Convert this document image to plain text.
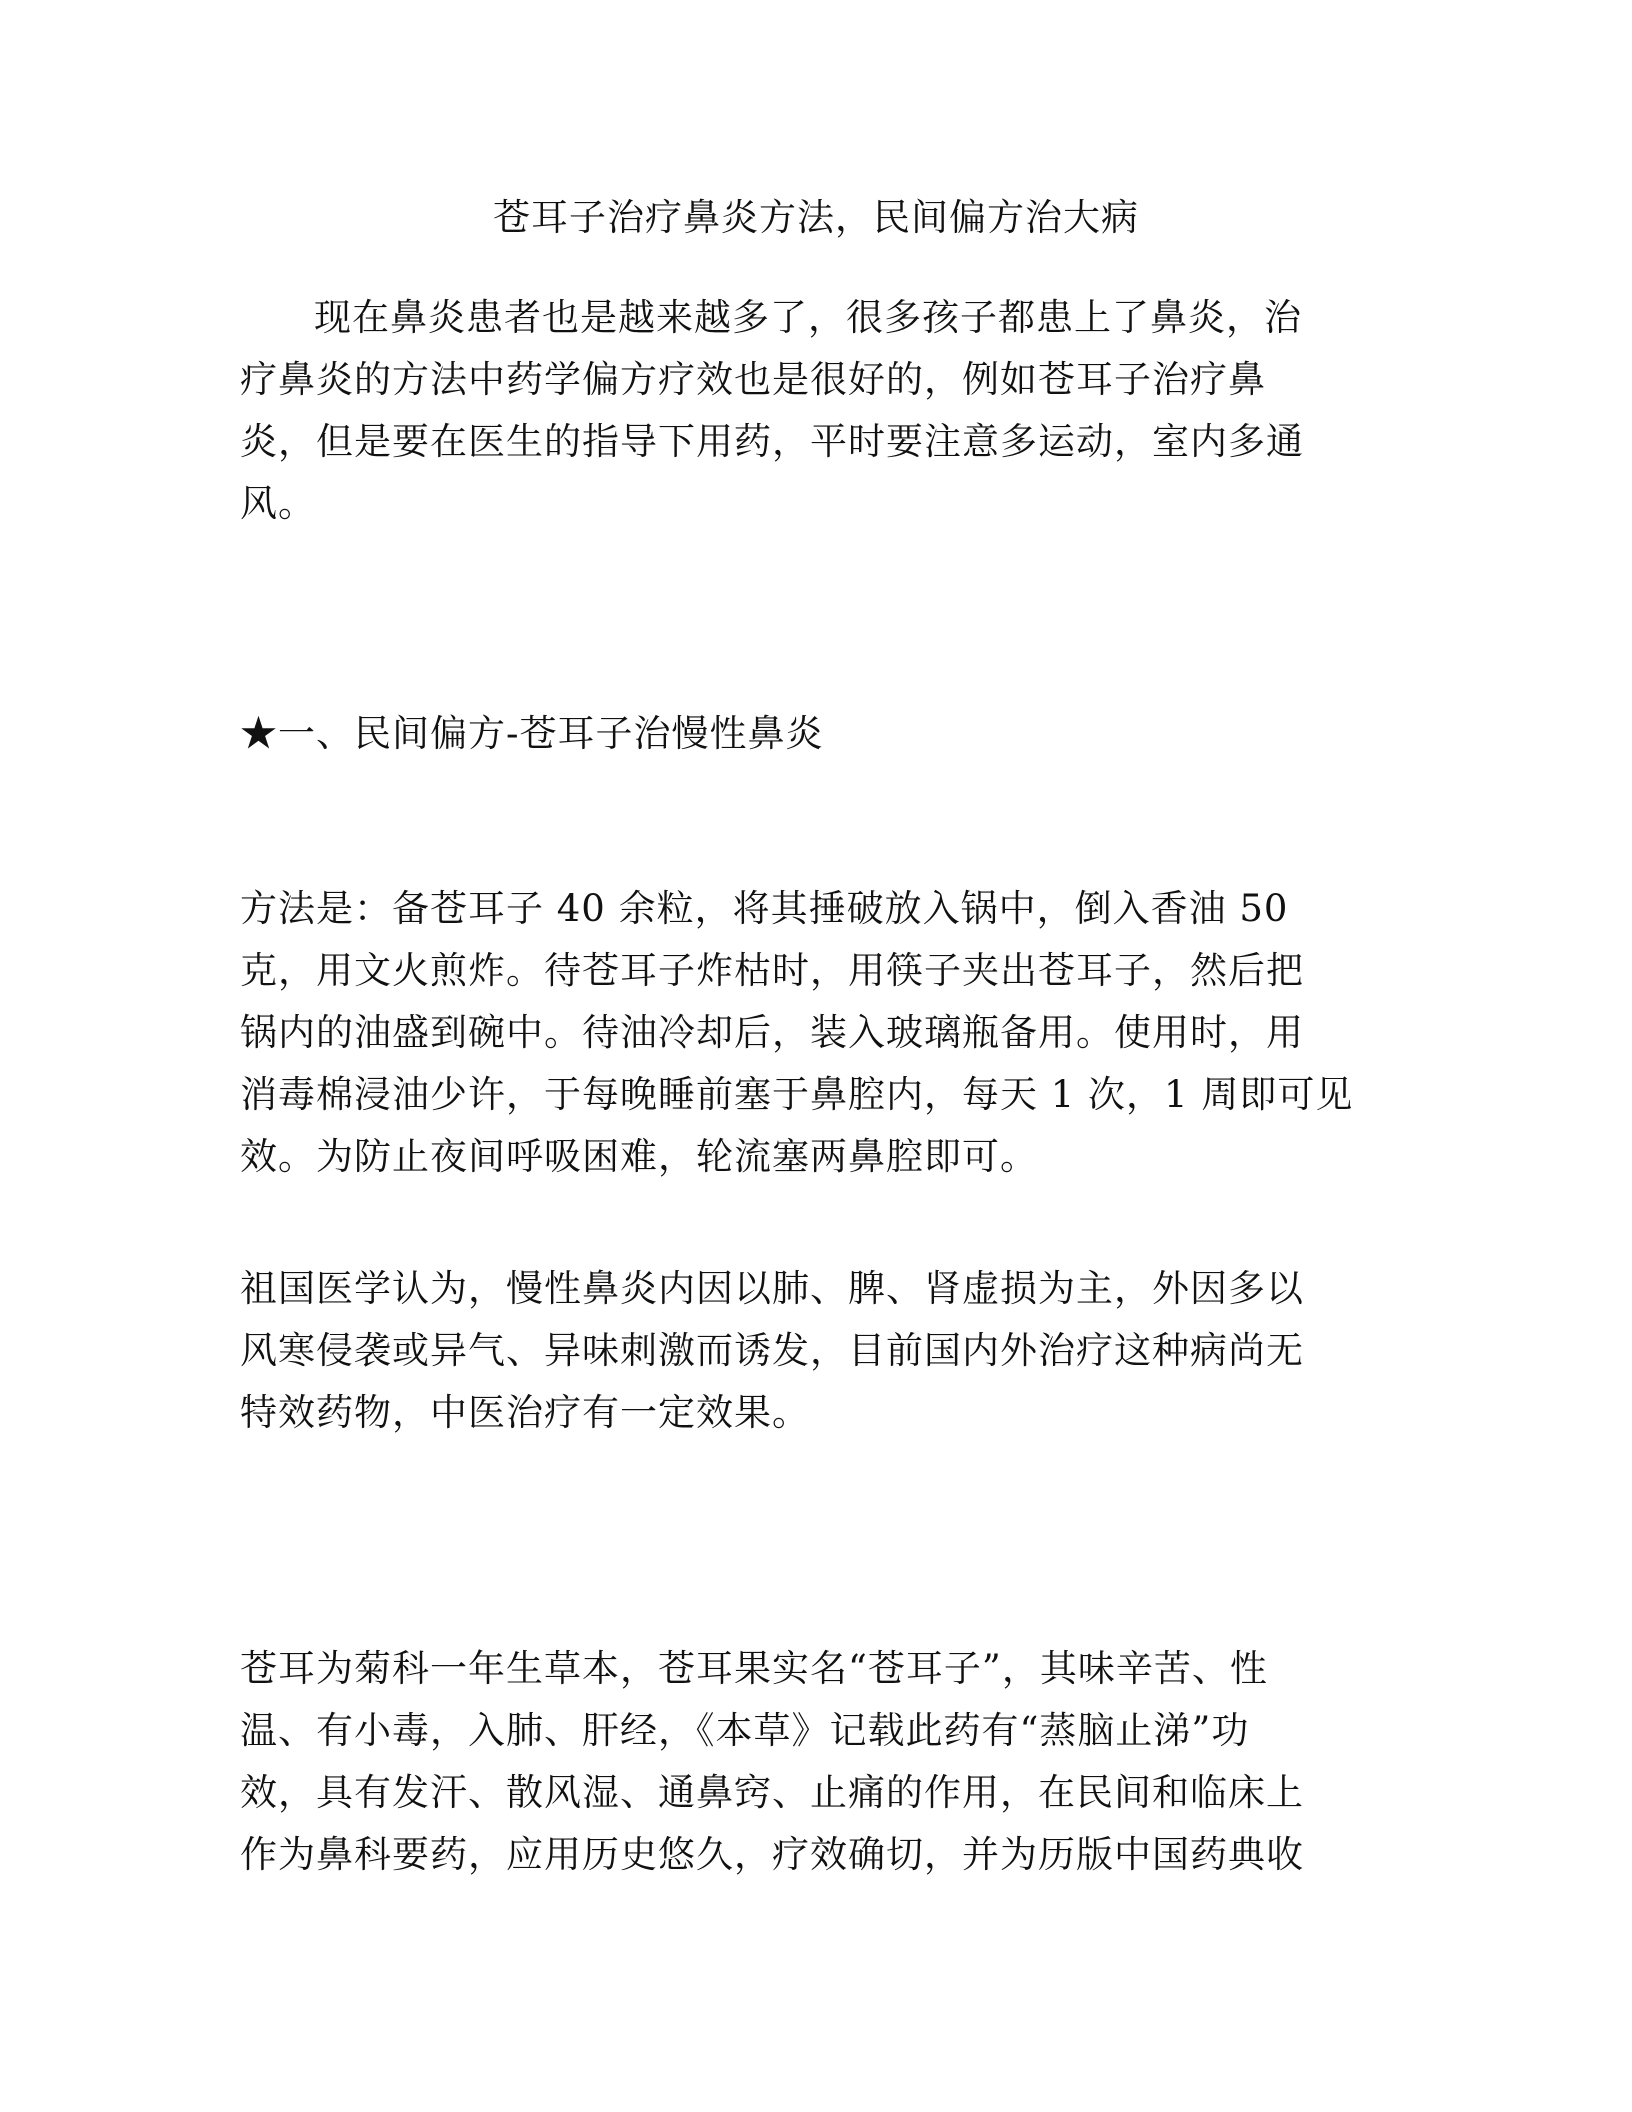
苍耳子治疗鼻炎方法，民间偏方治大病

现在鼻炎患者也是越来越多了，很多孩子都患上了鼻炎，治
疗鼻炎的方法中药学偏方疗效也是很好的，例如苍耳子治疗鼻
炎，但是要在医生的指导下用药，平时要注意多运动，室内多通
风。

★一、民间偏方-苍耳子治慢性鼻炎

方法是：备苍耳子 40 余粒，将其捶破放入锅中，倒入香油 50
克，用文火煎炸。待苍耳子炸枯时，用筷子夹出苍耳子，然后把
锅内的油盛到碗中。待油冷却后，装入玻璃瓶备用。使用时，用
消毒棉浸油少许，于每晚睡前塞于鼻腔内，每天 1 次，1 周即可见
效。为防止夜间呼吸困难，轮流塞两鼻腔即可。

祖国医学认为，慢性鼻炎内因以肺、脾、肾虚损为主，外因多以
风寒侵袭或异气、异味刺激而诱发，目前国内外治疗这种病尚无
特效药物，中医治疗有一定效果。

苍耳为菊科一年生草本，苍耳果实名“苍耳子”，其味辛苦、性
温、有小毒，入肺、肝经，《本草》记载此药有“蒸脑止涕”功
效，具有发汗、散风湿、通鼻窍、止痛的作用，在民间和临床上
作为鼻科要药，应用历史悠久，疗效确切，并为历版中国药典收
